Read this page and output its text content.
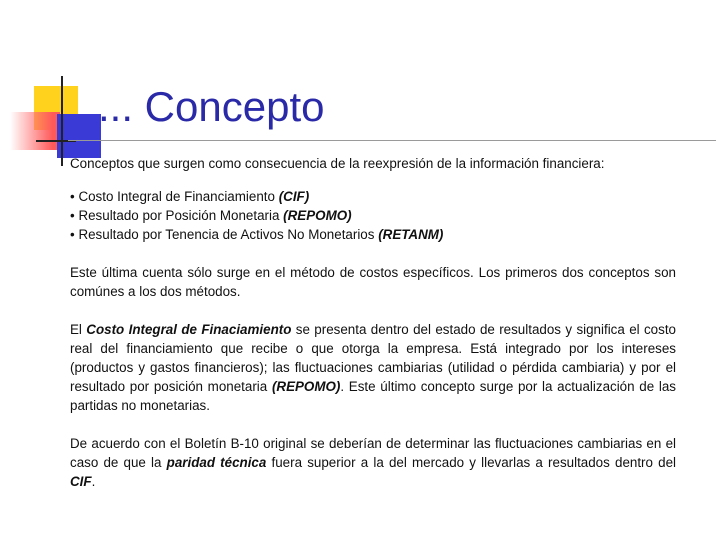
... Concepto

Conceptos que surgen como consecuencia de la reexpresión de la información financiera:

• Costo Integral de Financiamiento (CIF)
• Resultado por Posición Monetaria (REPOMO)
• Resultado por Tenencia de Activos No Monetarios (RETANM)

Este última cuenta sólo surge en el método de costos específicos. Los primeros dos conceptos son comúnes a los dos métodos.

El Costo Integral de Finaciamiento se presenta dentro del estado de resultados y significa el costo real del financiamiento que recibe o que otorga la empresa. Está integrado por los intereses (productos y gastos financieros); las fluctuaciones cambiarias (utilidad o pérdida cambiaria) y por el resultado por posición monetaria (REPOMO). Este último concepto surge por la actualización de las partidas no monetarias.

De acuerdo con el Boletín B-10 original se deberían de determinar las fluctuaciones cambiarias en el caso de que la paridad técnica fuera superior a la del mercado y llevarlas a resultados dentro del CIF.
